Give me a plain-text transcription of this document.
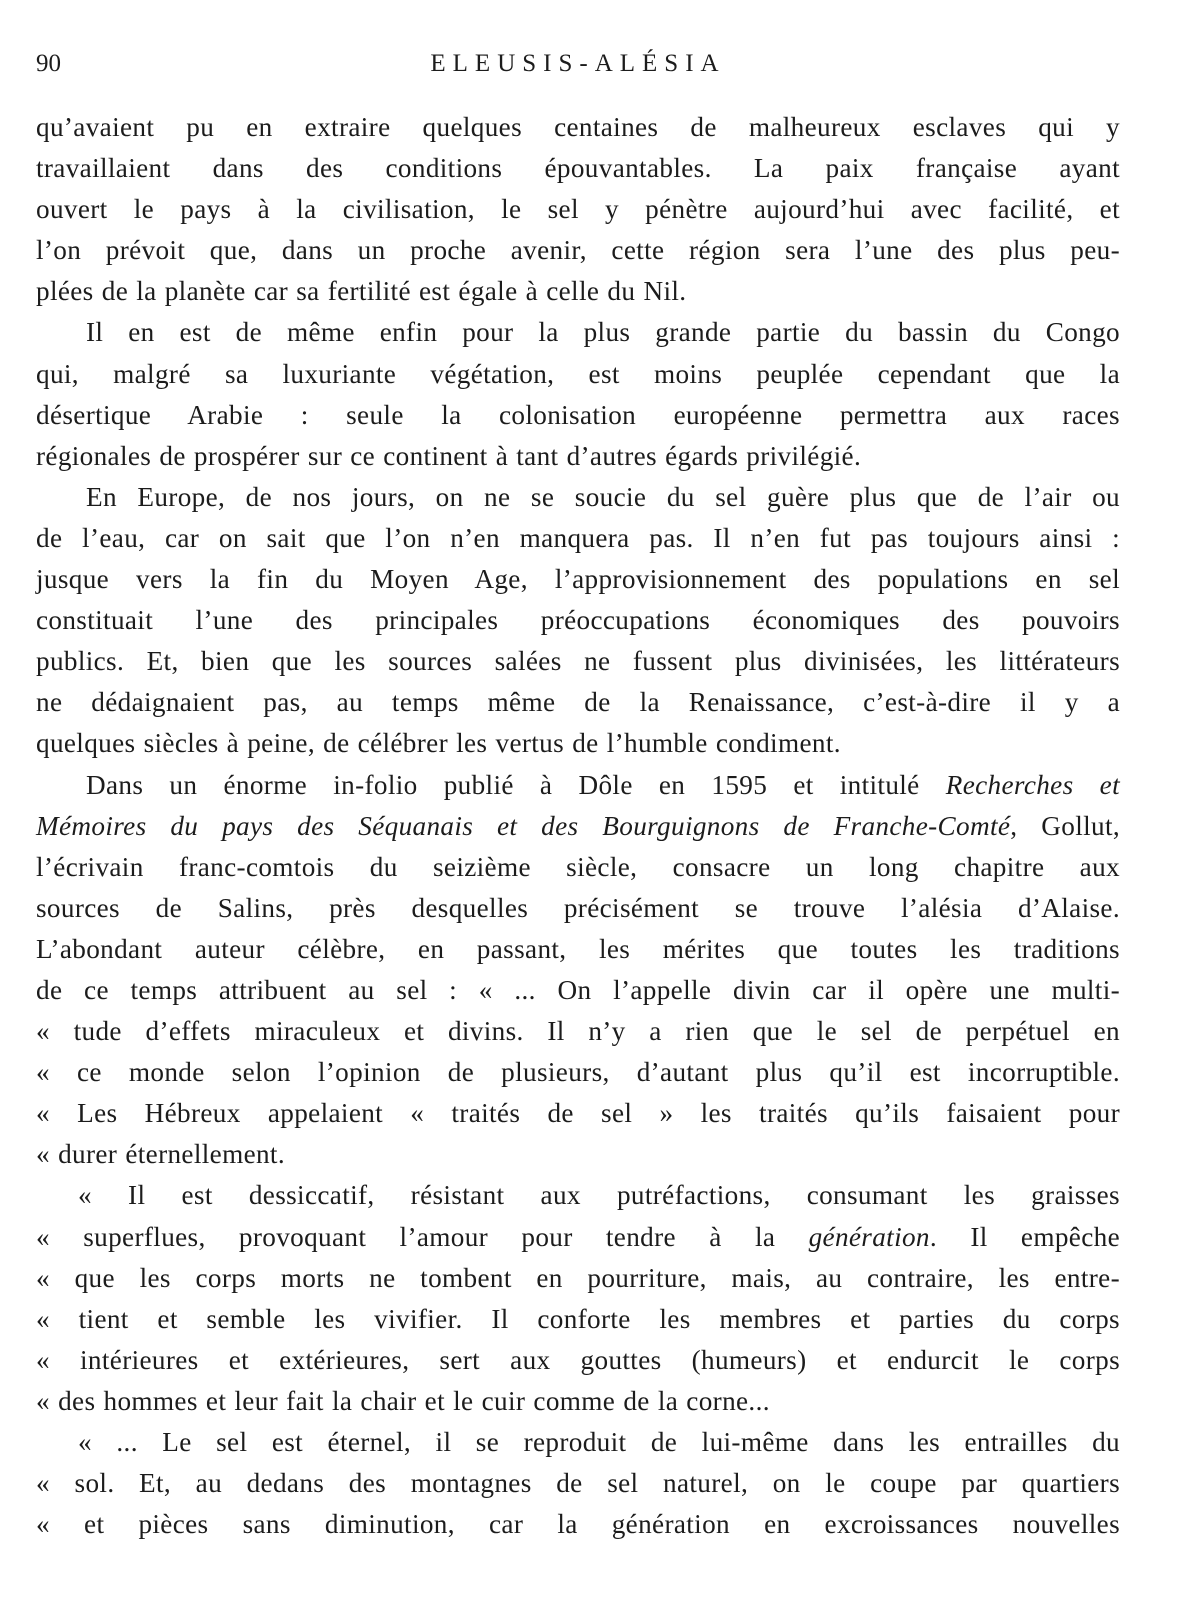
90	ELEUSIS-ALÉSIA
qu’avaient pu en extraire quelques centaines de malheureux esclaves qui y
travaillaient dans des conditions épouvantables. La paix française ayant
ouvert le pays à la civilisation, le sel y pénètre aujourd’hui avec facilité, et
l’on prévoit que, dans un proche avenir, cette région sera l’une des plus peu-
plées de la planète car sa fertilité est égale à celle du Nil.
Il en est de même enfin pour la plus grande partie du bassin du Congo
qui, malgré sa luxuriante végétation, est moins peuplée cependant que la
désertique Arabie : seule la colonisation européenne permettra aux races
régionales de prospérer sur ce continent à tant d’autres égards privilégié.
En Europe, de nos jours, on ne se soucie du sel guère plus que de l’air ou
de l’eau, car on sait que l’on n’en manquera pas. Il n’en fut pas toujours ainsi :
jusque vers la fin du Moyen Age, l’approvisionnement des populations en sel
constituait l’une des principales préoccupations économiques des pouvoirs
publics. Et, bien que les sources salées ne fussent plus divinisées, les littérateurs
ne dédaignaient pas, au temps même de la Renaissance, c’est-à-dire il y a
quelques siècles à peine, de célébrer les vertus de l’humble condiment.
Dans un énorme in-folio publié à Dôle en 1595 et intitulé Recherches et
Mémoires du pays des Séquanais et des Bourguignons de Franche-Comté, Gollut,
l’écrivain franc-comtois du seizième siècle, consacre un long chapitre aux
sources de Salins, près desquelles précisément se trouve l’alésia d’Alaise.
L’abondant auteur célèbre, en passant, les mérites que toutes les traditions
de ce temps attribuent au sel : « ... On l’appelle divin car il opère une multi-
« tude d’effets miraculeux et divins. Il n’y a rien que le sel de perpétuel en
« ce monde selon l’opinion de plusieurs, d’autant plus qu’il est incorruptible.
« Les Hébreux appelaient « traités de sel » les traités qu’ils faisaient pour
« durer éternellement.
« Il est dessiccatif, résistant aux putréfactions, consumant les graisses
« superflues, provoquant l’amour pour tendre à la génération. Il empêche
« que les corps morts ne tombent en pourriture, mais, au contraire, les entre-
« tient et semble les vivifier. Il conforte les membres et parties du corps
« intérieures et extérieures, sert aux gouttes (humeurs) et endurcit le corps
« des hommes et leur fait la chair et le cuir comme de la corne...
« ... Le sel est éternel, il se reproduit de lui-même dans les entrailles du
« sol. Et, au dedans des montagnes de sel naturel, on le coupe par quartiers
« et pièces sans diminution, car la génération en excroissances nouvelles
